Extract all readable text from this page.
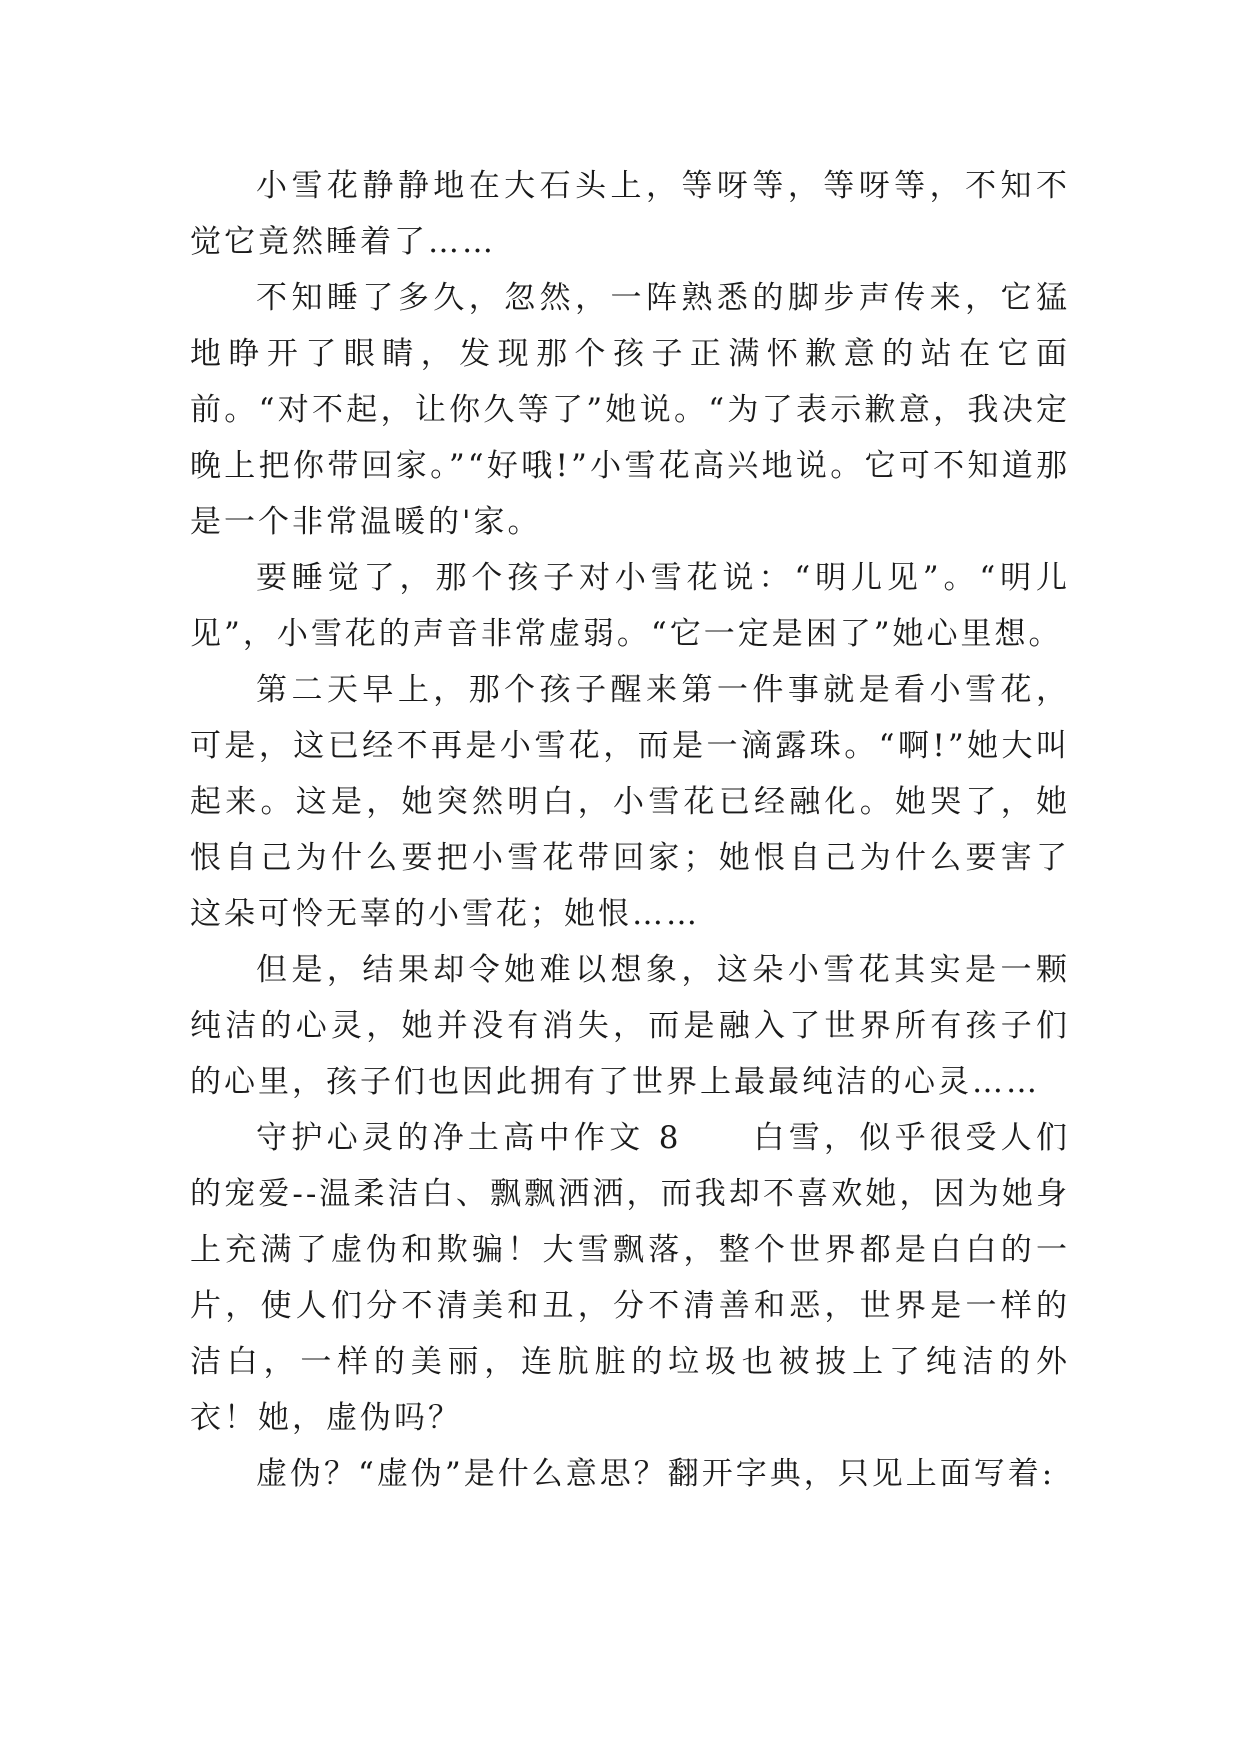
小雪花静静地在大石头上，等呀等，等呀等，不知不觉它竟然睡着了……

不知睡了多久，忽然，一阵熟悉的脚步声传来，它猛地睁开了眼睛，发现那个孩子正满怀歉意的站在它面前。“对不起，让你久等了”她说。“为了表示歉意，我决定晚上把你带回家。”“好哦!”小雪花高兴地说。它可不知道那是一个非常温暖的'家。

要睡觉了，那个孩子对小雪花说：“明儿见”。“明儿见”，小雪花的声音非常虚弱。“它一定是困了”她心里想。

第二天早上，那个孩子醒来第一件事就是看小雪花，可是，这已经不再是小雪花，而是一滴露珠。“啊!”她大叫起来。这是，她突然明白，小雪花已经融化。她哭了，她恨自己为什么要把小雪花带回家；她恨自己为什么要害了这朵可怜无辜的小雪花；她恨……

但是，结果却令她难以想象，这朵小雪花其实是一颗纯洁的心灵，她并没有消失，而是融入了世界所有孩子们的心里，孩子们也因此拥有了世界上最最纯洁的心灵……

守护心灵的净土高中作文 8　　白雪，似乎很受人们的宠爱--温柔洁白、飘飘洒洒，而我却不喜欢她，因为她身上充满了虚伪和欺骗！大雪飘落，整个世界都是白白的一片，使人们分不清美和丑，分不清善和恶，世界是一样的洁白，一样的美丽，连肮脏的垃圾也被披上了纯洁的外衣！她，虚伪吗？

虚伪？“虚伪”是什么意思？翻开字典，只见上面写着:
